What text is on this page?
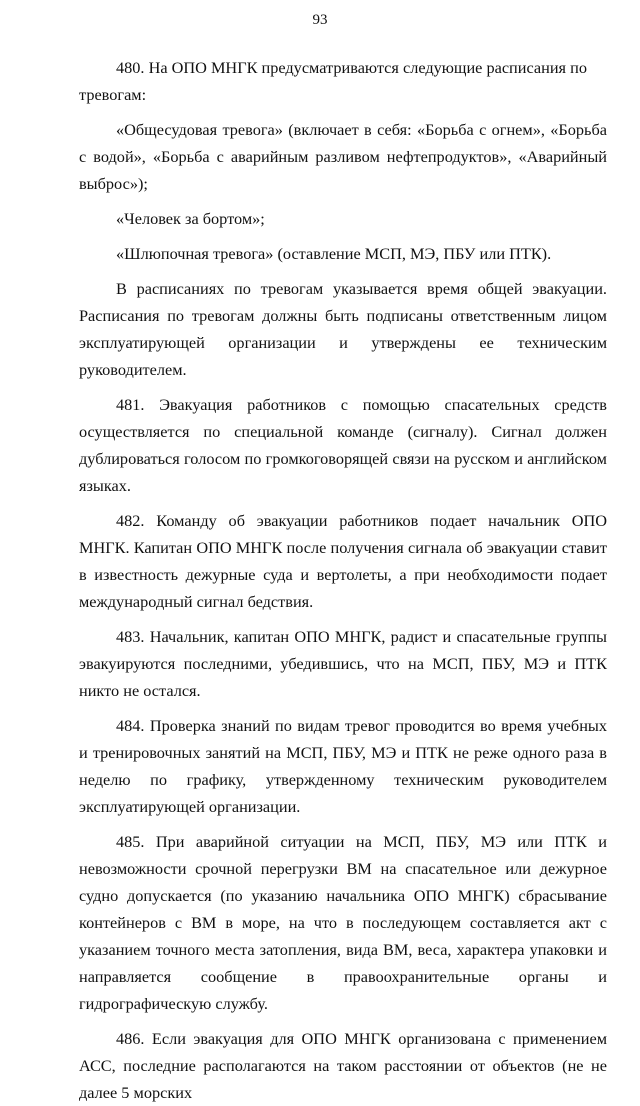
93

480. На ОПО МНГК предусматриваются следующие расписания по тревогам:

«Общесудовая тревога» (включает в себя: «Борьба с огнем», «Борьба с водой», «Борьба с аварийным разливом нефтепродуктов», «Аварийный выброс»);

«Человек за бортом»;

«Шлюпочная тревога» (оставление МСП, МЭ, ПБУ или ПТК).

В расписаниях по тревогам указывается время общей эвакуации. Расписания по тревогам должны быть подписаны ответственным лицом эксплуатирующей организации и утверждены ее техническим руководителем.

481. Эвакуация работников с помощью спасательных средств осуществляется по специальной команде (сигналу). Сигнал должен дублироваться голосом по громкоговорящей связи на русском и английском языках.

482. Команду об эвакуации работников подает начальник ОПО МНГК. Капитан ОПО МНГК после получения сигнала об эвакуации ставит в известность дежурные суда и вертолеты, а при необходимости подает международный сигнал бедствия.

483. Начальник, капитан ОПО МНГК, радист и спасательные группы эвакуируются последними, убедившись, что на МСП, ПБУ, МЭ и ПТК никто не остался.

484. Проверка знаний по видам тревог проводится во время учебных и тренировочных занятий на МСП, ПБУ, МЭ и ПТК не реже одного раза в неделю по графику, утвержденному техническим руководителем эксплуатирующей организации.

485. При аварийной ситуации на МСП, ПБУ, МЭ или ПТК и невозможности срочной перегрузки ВМ на спасательное или дежурное судно допускается (по указанию начальника ОПО МНГК) сбрасывание контейнеров с ВМ в море, на что в последующем составляется акт с указанием точного места затопления, вида ВМ, веса, характера упаковки и направляется сообщение в правоохранительные органы и гидрографическую службу.

486. Если эвакуация для ОПО МНГК организована с применением АСС, последние располагаются на таком расстоянии от объектов (не не далее 5 морских
